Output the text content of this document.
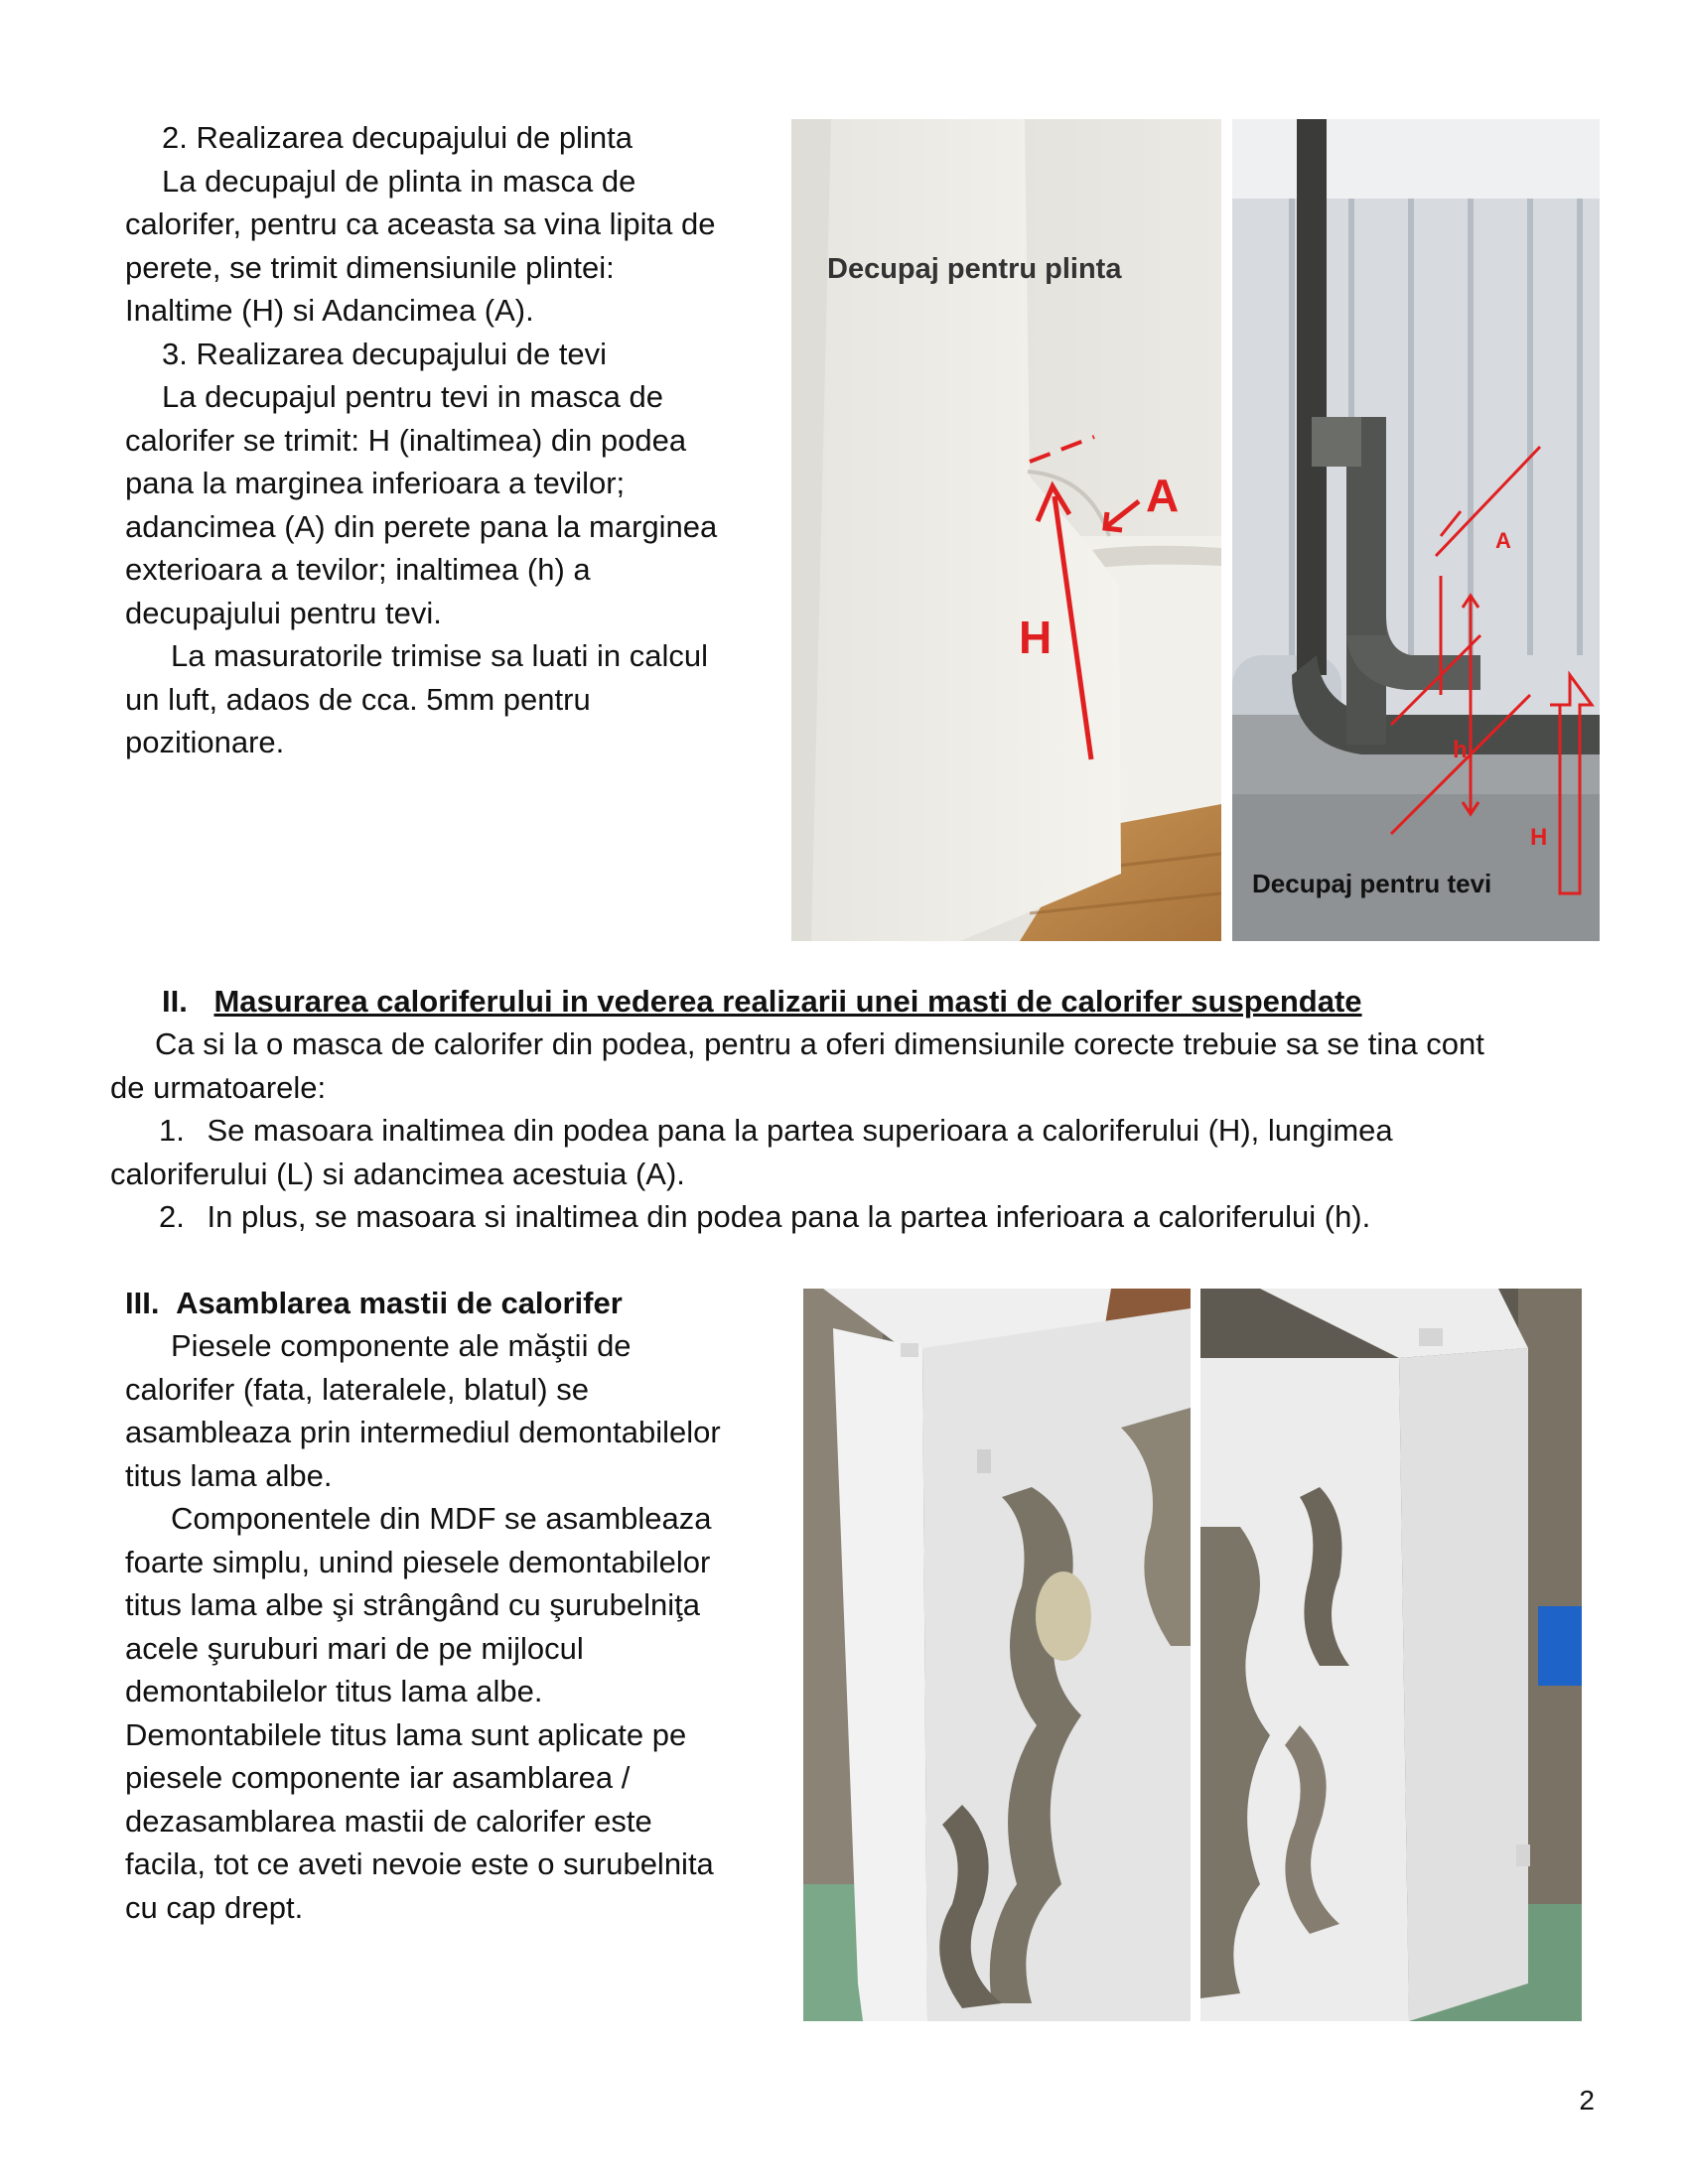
2. Realizarea decupajului de plinta
La decupajul de plinta in masca de
calorifer, pentru ca aceasta sa vina lipita de
perete, se trimit dimensiunile plintei:
Inaltime (H) si Adancimea (A).
3. Realizarea decupajului de tevi
La decupajul pentru tevi in masca de
calorifer se trimit: H (inaltimea) din podea
pana la marginea inferioara a tevilor;
adancimea (A) din perete pana la marginea
exterioara a tevilor; inaltimea (h) a
decupajului pentru tevi.
La masuratorile trimise sa luati in calcul
un luft, adaos de cca. 5mm pentru
pozitionare.
Decupaj pentru plinta
A
H
A
h
H
Decupaj pentru tevi
II. Masurarea caloriferului in vederea realizarii unei masti de calorifer suspendate
Ca si la o masca de calorifer din podea, pentru a oferi dimensiunile corecte trebuie sa se tina cont
de urmatoarele:
1. Se masoara inaltimea din podea pana la partea superioara a caloriferului (H), lungimea
caloriferului (L) si adancimea acestuia (A).
2. In plus, se masoara si inaltimea din podea pana la partea inferioara a caloriferului (h).
III. Asamblarea mastii de calorifer
Piesele componente ale măştii de
calorifer (fata, lateralele, blatul) se
asambleaza prin intermediul demontabilelor
titus lama albe.
Componentele din MDF se asambleaza
foarte simplu, unind piesele demontabilelor
titus lama albe şi strângând cu şurubelniţa
acele şuruburi mari de pe mijlocul
demontabilelor titus lama albe.
Demontabilele titus lama sunt aplicate pe
piesele componente iar asamblarea /
dezasamblarea mastii de calorifer este
facila, tot ce aveti nevoie este o surubelnita
cu cap drept.
2
